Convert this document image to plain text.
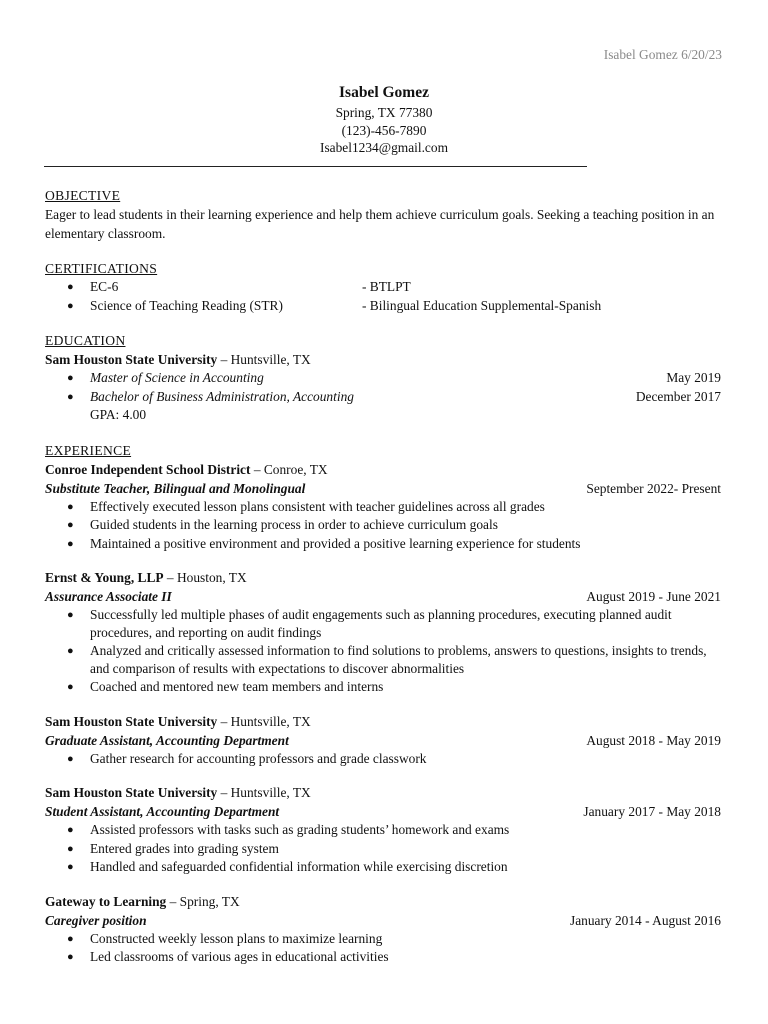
Isabel Gomez 6/20/23
Isabel Gomez
Spring, TX 77380
(123)-456-7890
Isabel1234@gmail.com
OBJECTIVE
Eager to lead students in their learning experience and help them achieve curriculum goals. Seeking a teaching position in an elementary classroom.
CERTIFICATIONS
● EC-6	- BTLPT
● Science of Teaching Reading (STR)	- Bilingual Education Supplemental-Spanish
EDUCATION
Sam Houston State University – Huntsville, TX
● Master of Science in Accounting	May 2019
● Bachelor of Business Administration, Accounting	December 2017
GPA: 4.00
EXPERIENCE
Conroe Independent School District – Conroe, TX
Substitute Teacher, Bilingual and Monolingual	September 2022- Present
● Effectively executed lesson plans consistent with teacher guidelines across all grades
● Guided students in the learning process in order to achieve curriculum goals
● Maintained a positive environment and provided a positive learning experience for students
Ernst & Young, LLP – Houston, TX
Assurance Associate II	August 2019 - June 2021
● Successfully led multiple phases of audit engagements such as planning procedures, executing planned audit procedures, and reporting on audit findings
● Analyzed and critically assessed information to find solutions to problems, answers to questions, insights to trends, and comparison of results with expectations to discover abnormalities
● Coached and mentored new team members and interns
Sam Houston State University – Huntsville, TX
Graduate Assistant, Accounting Department	August 2018 - May 2019
● Gather research for accounting professors and grade classwork
Sam Houston State University – Huntsville, TX
Student Assistant, Accounting Department	January 2017 - May 2018
● Assisted professors with tasks such as grading students’ homework and exams
● Entered grades into grading system
● Handled and safeguarded confidential information while exercising discretion
Gateway to Learning – Spring, TX
Caregiver position	January 2014 - August 2016
● Constructed weekly lesson plans to maximize learning
● Led classrooms of various ages in educational activities
